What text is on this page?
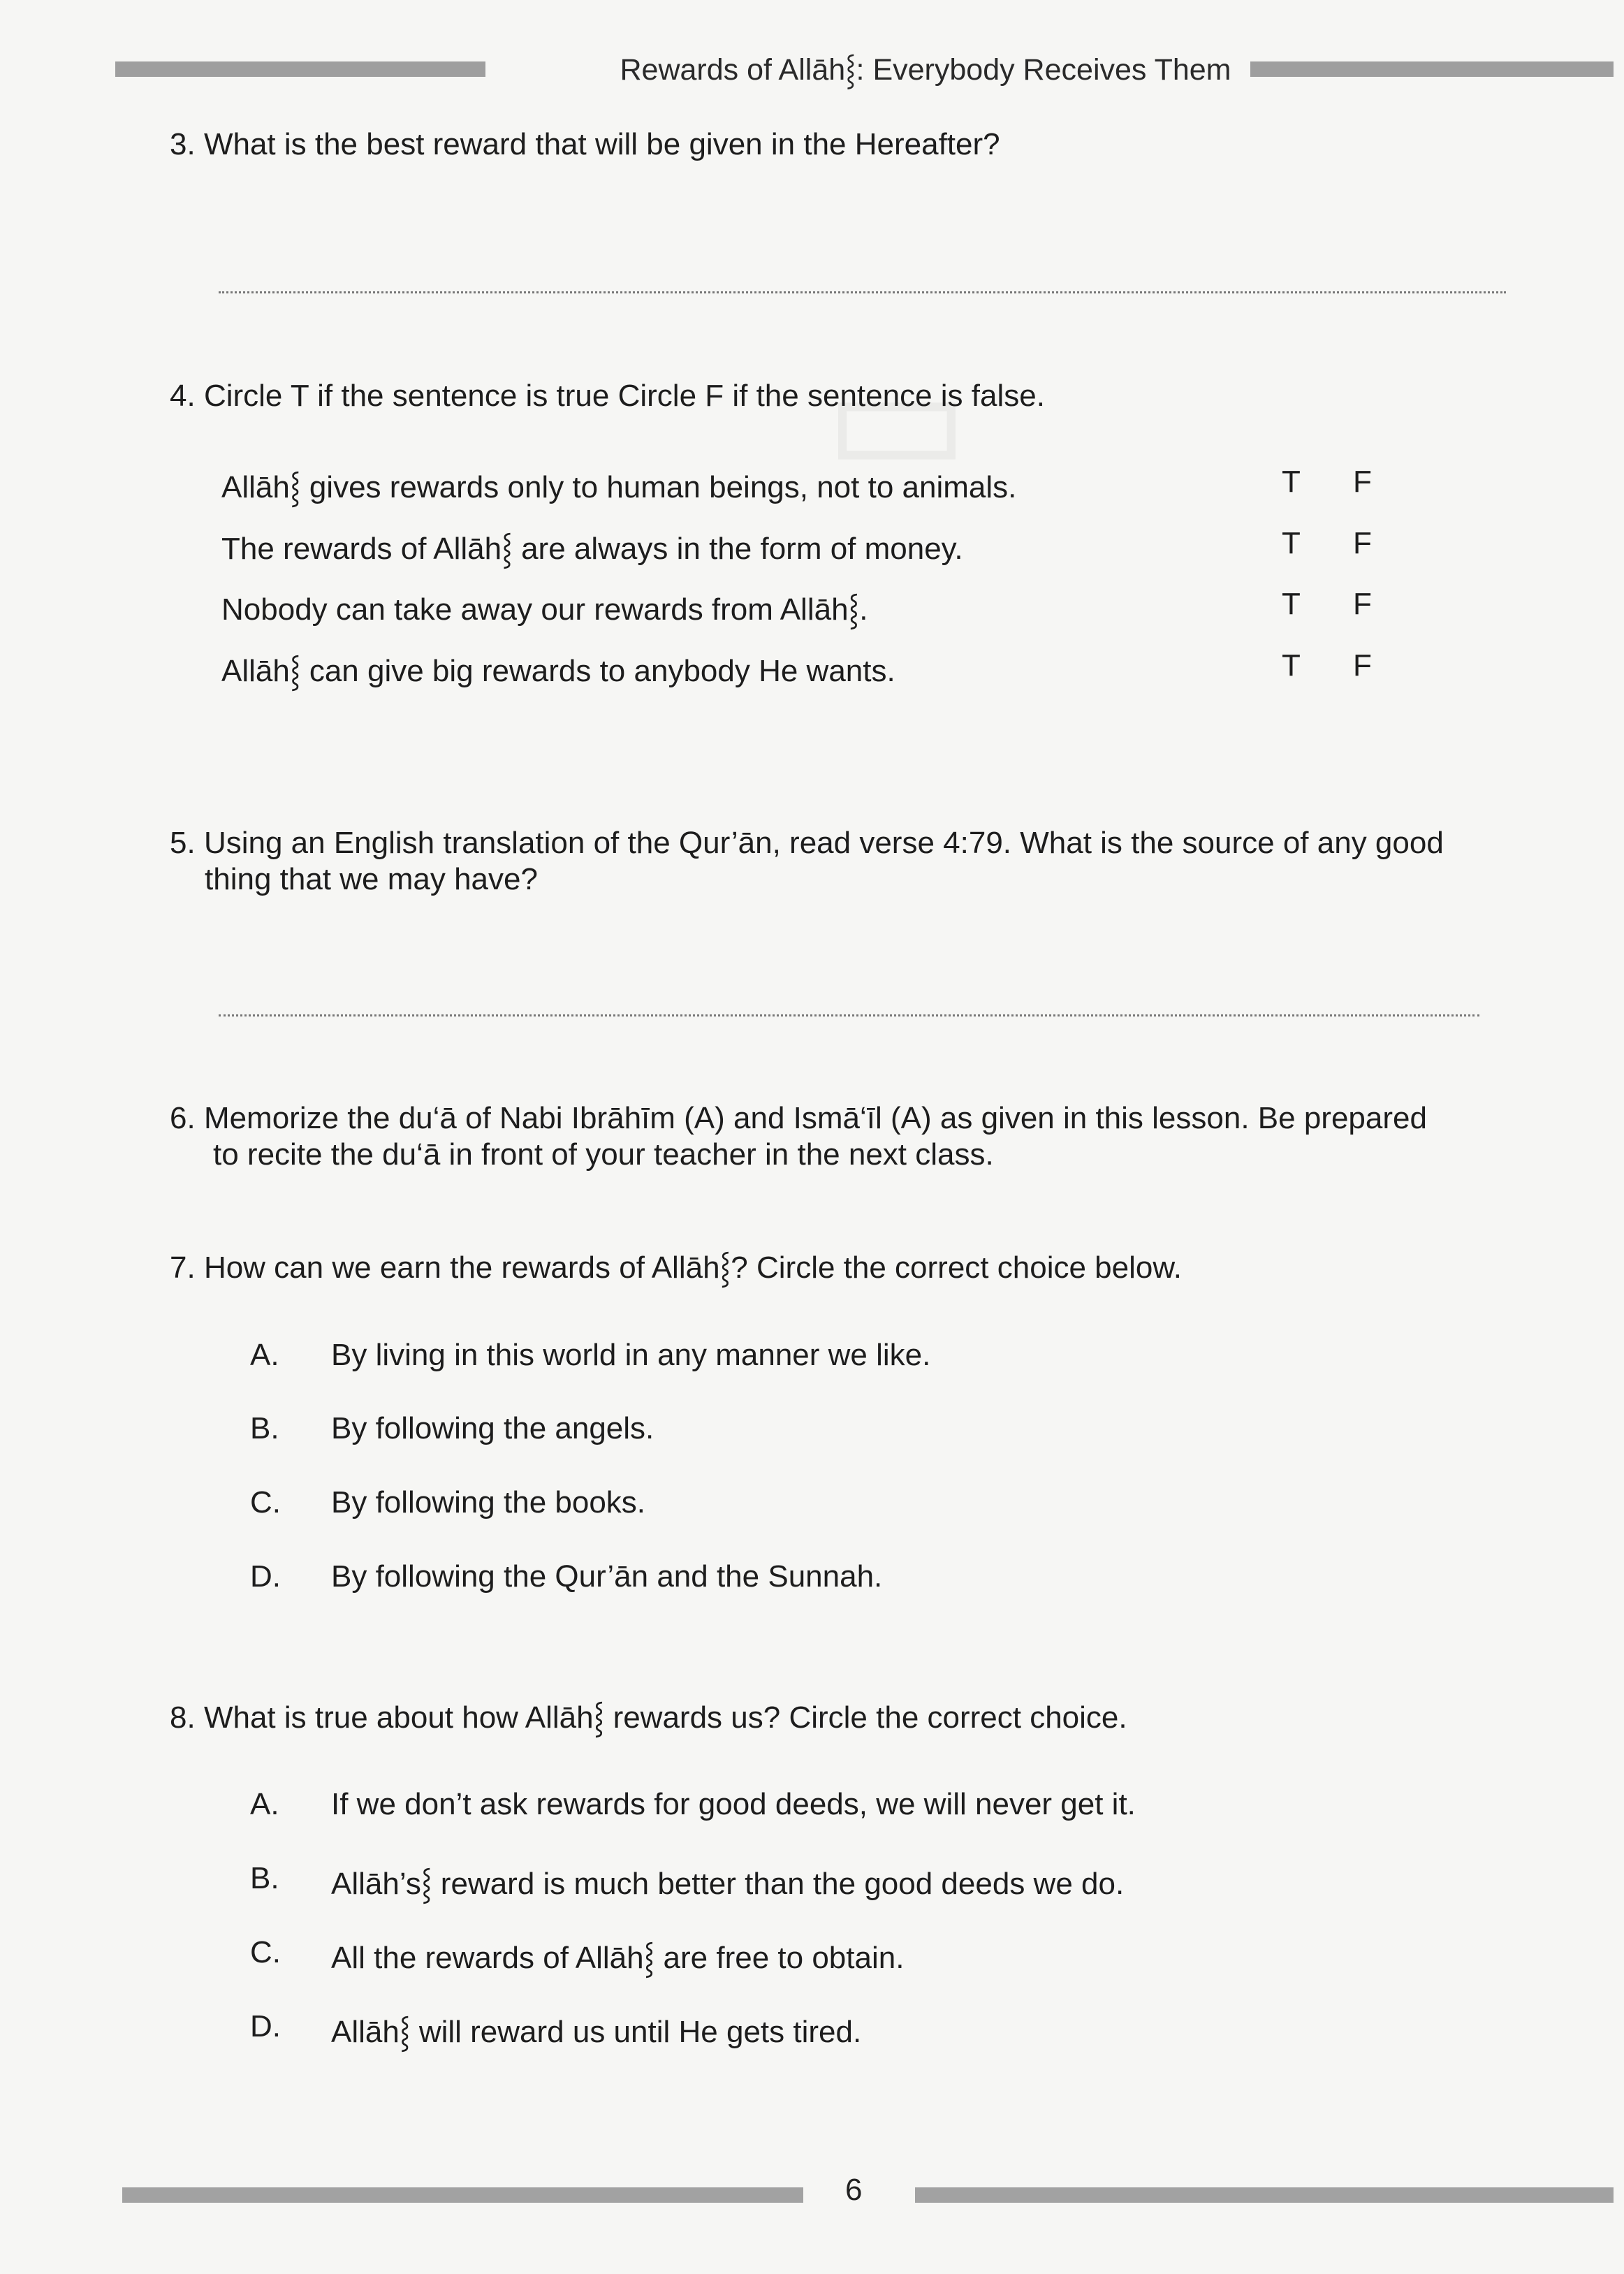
▭
Rewards of Allāh⸾: Everybody Receives Them
3. What is the best reward that will be given in the Hereafter?
4. Circle T if the sentence is true Circle F if the sentence is false.
Allāh⸾ gives rewards only to human beings, not to animals.	T F
The rewards of Allāh⸾ are always in the form of money.	T F
Nobody can take away our rewards from Allāh⸾.	T F
Allāh⸾ can give big rewards to anybody He wants.	T F
5. Using an English translation of the Qur’ān, read verse 4:79. What is the source of any good
thing that we may have?
6. Memorize the du‘ā of Nabi Ibrāhīm (A) and Ismā‘īl (A) as given in this lesson. Be prepared
to recite the du‘ā in front of your teacher in the next class.
7. How can we earn the rewards of Allāh⸾? Circle the correct choice below.
A.	By living in this world in any manner we like.
B.	By following the angels.
C.	By following the books.
D.	By following the Qur’ān and the Sunnah.
8. What is true about how Allāh⸾ rewards us? Circle the correct choice.
A.	If we don’t ask rewards for good deeds, we will never get it.
B.	Allāh’s⸾ reward is much better than the good deeds we do.
C.	All the rewards of Allāh⸾ are free to obtain.
D.	Allāh⸾ will reward us until He gets tired.
6
